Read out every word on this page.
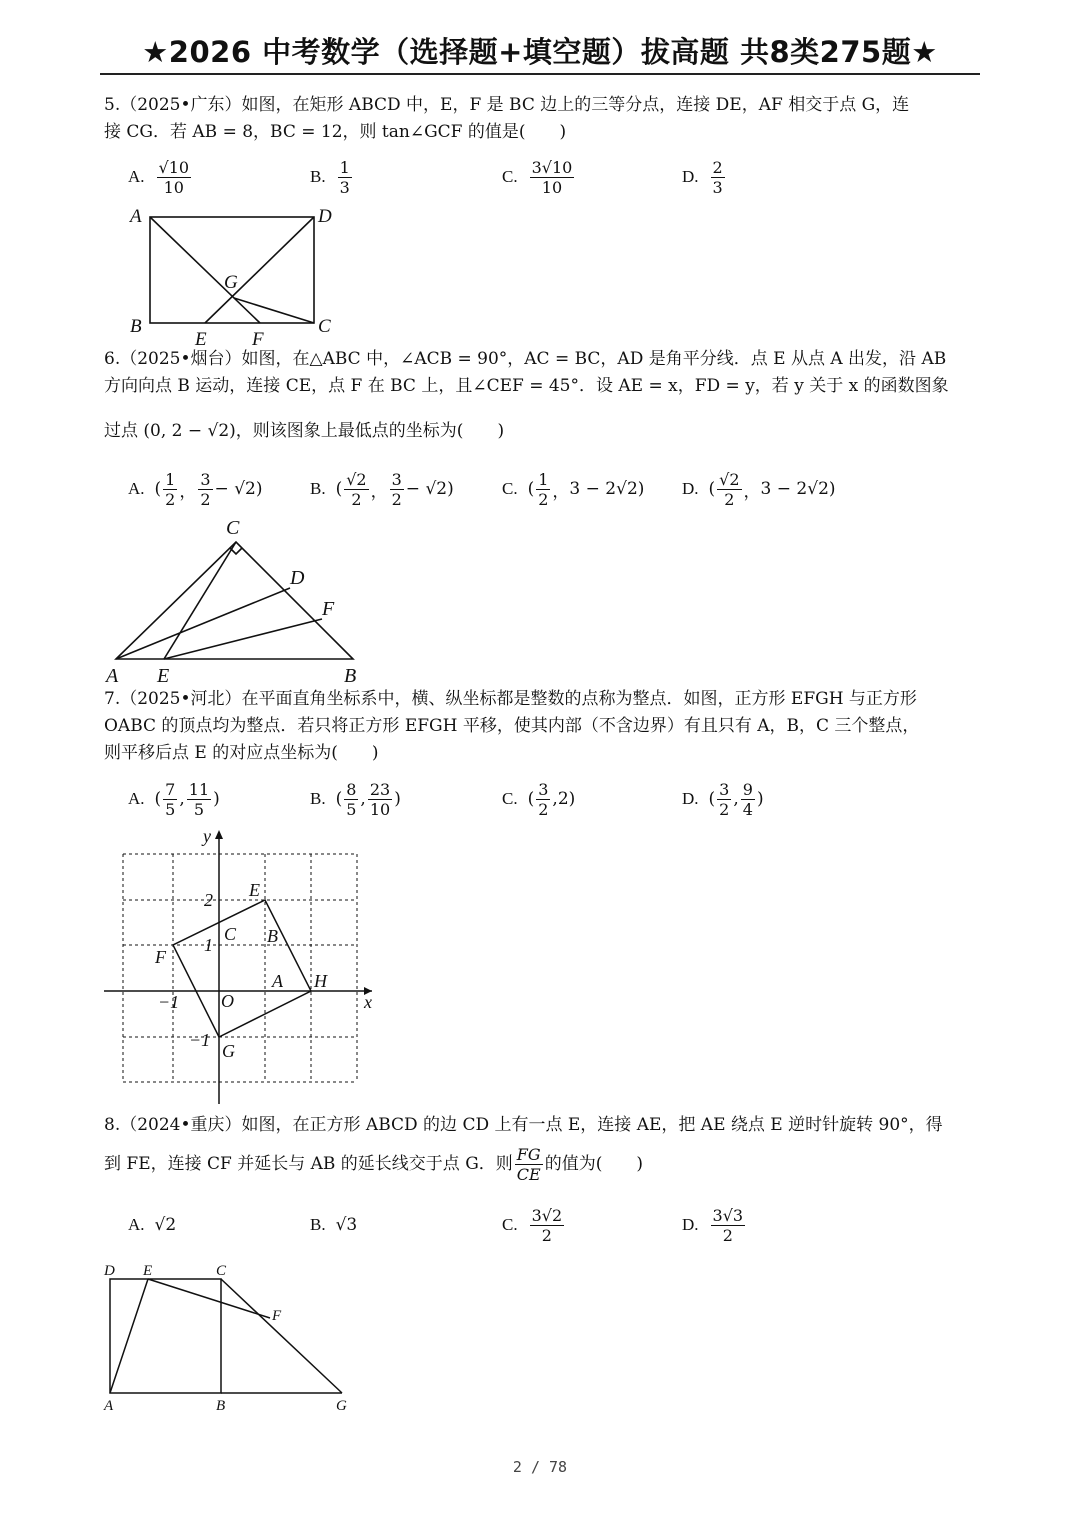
★2026 中考数学（选择题+填空题）拔高题 共8类275题★
5.（2025•广东）如图，在矩形 ABCD 中，E，F 是 BC 边上的三等分点，连接 DE，AF 相交于点 G，连
接 CG．若 AB = 8，BC = 12，则 tan∠GCF 的值是(　　)
A. $\frac{√10}{10}$	B. $\frac{1}{3}$	C. $\frac{3√10}{10}$	D. $\frac{2}{3}$
A	D
B	C
E F
G
6.（2025•烟台）如图，在△ABC 中，∠ACB = 90°，AC = BC，AD 是角平分线．点 E 从点 A 出发，沿 AB
方向向点 B 运动，连接 CE，点 F 在 BC 上，且∠CEF = 45°．设 AE = x，FD = y，若 y 关于 x 的函数图象
过点 (0, 2 − √2)，则该图象上最低点的坐标为(　　)
A. ( $\frac{1}{2}$ ， $\frac{3}{2} - √2$)	B. ( $\frac{√2}{2}$ ， $\frac{3}{2} - √2$)	C. ( $\frac{1}{2}$ ， 3 − 2√2) D. ( $\frac{√2}{2}$ ， 3 − 2√2)
C
A E	B
D
F
7.（2025•河北）在平面直角坐标系中，横、纵坐标都是整数的点称为整点．如图，正方形 EFGH 与正方形
OABC 的顶点均为整点．若只将正方形 EFGH 平移，使其内部（不含边界）有且只有 A，B，C 三个整点，
则平移后点 E 的对应点坐标为(　　)
A. ( $\frac{7}{5}$ , $\frac{11}{5}$ )	B. ( $\frac{8}{5}$ , $\frac{23}{10}$ )	C. ( $\frac{3}{2}$ , 2)	D. ( $\frac{3}{2}$ , $\frac{9}{4}$ )
y
x
O
E
F
G
H
C B
A
2
1
−1
−1
8.（2024•重庆）如图，在正方形 ABCD 的边 CD 上有一点 E，连接 AE，把 AE 绕点 E 逆时针旋转 90°，得
到 FE，连接 CF 并延长与 AB 的延长线交于点 G．则 $\frac{FG}{CE}$ 的值为(　　)
A. √2	B. √3	C. $\frac{3√2}{2}$	D. $\frac{3√3}{2}$
D E	C
F
A	B	G
2 / 78
